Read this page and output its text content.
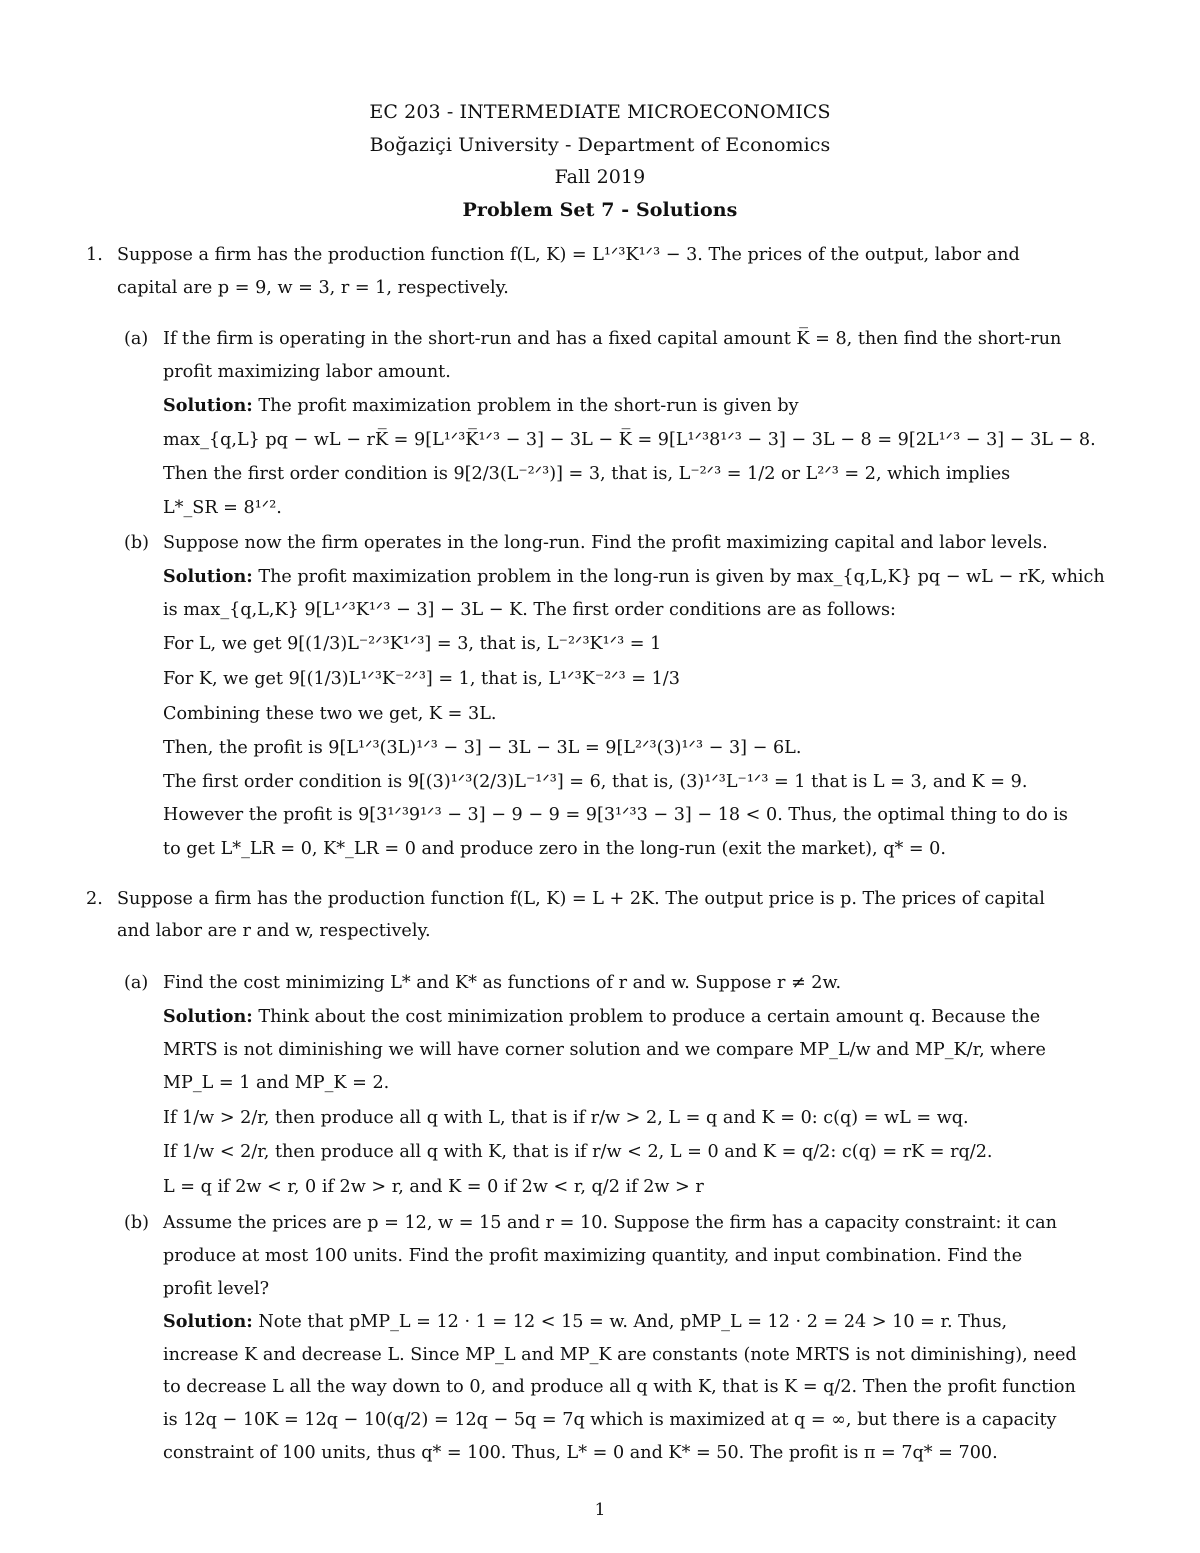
EC 203 - INTERMEDIATE MICROECONOMICS
Boğaziçi University - Department of Economics
Fall 2019
Problem Set 7 - Solutions
1. Suppose a firm has the production function f(L, K) = L¹ᐟ³K¹ᐟ³ − 3. The prices of the output, labor and
capital are p = 9, w = 3, r = 1, respectively.
(a) If the firm is operating in the short-run and has a fixed capital amount K̅ = 8, then find the short-run
profit maximizing labor amount.
Solution: The profit maximization problem in the short-run is given by
max_{q,L} pq − wL − rK̅ = 9[L¹ᐟ³K̅¹ᐟ³ − 3] − 3L − K̅ = 9[L¹ᐟ³8¹ᐟ³ − 3] − 3L − 8 = 9[2L¹ᐟ³ − 3] − 3L − 8.
Then the first order condition is 9[2/3(L⁻²ᐟ³)] = 3, that is, L⁻²ᐟ³ = 1/2 or L²ᐟ³ = 2, which implies
L*_SR = 8¹ᐟ².
(b) Suppose now the firm operates in the long-run. Find the profit maximizing capital and labor levels.
Solution: The profit maximization problem in the long-run is given by max_{q,L,K} pq − wL − rK, which
is max_{q,L,K} 9[L¹ᐟ³K¹ᐟ³ − 3] − 3L − K. The first order conditions are as follows:
For L, we get 9[(1/3)L⁻²ᐟ³K¹ᐟ³] = 3, that is, L⁻²ᐟ³K¹ᐟ³ = 1
For K, we get 9[(1/3)L¹ᐟ³K⁻²ᐟ³] = 1, that is, L¹ᐟ³K⁻²ᐟ³ = 1/3
Combining these two we get, K = 3L.
Then, the profit is 9[L¹ᐟ³(3L)¹ᐟ³ − 3] − 3L − 3L = 9[L²ᐟ³(3)¹ᐟ³ − 3] − 6L.
The first order condition is 9[(3)¹ᐟ³(2/3)L⁻¹ᐟ³] = 6, that is, (3)¹ᐟ³L⁻¹ᐟ³ = 1 that is L = 3, and K = 9.
However the profit is 9[3¹ᐟ³9¹ᐟ³ − 3] − 9 − 9 = 9[3¹ᐟ³3 − 3] − 18 < 0. Thus, the optimal thing to do is
to get L*_LR = 0, K*_LR = 0 and produce zero in the long-run (exit the market), q* = 0.
2. Suppose a firm has the production function f(L, K) = L + 2K. The output price is p. The prices of capital
and labor are r and w, respectively.
(a) Find the cost minimizing L* and K* as functions of r and w. Suppose r ≠ 2w.
Solution: Think about the cost minimization problem to produce a certain amount q. Because the
MRTS is not diminishing we will have corner solution and we compare MP_L/w and MP_K/r, where
MP_L = 1 and MP_K = 2.
If 1/w > 2/r, then produce all q with L, that is if r/w > 2, L = q and K = 0: c(q) = wL = wq.
If 1/w < 2/r, then produce all q with K, that is if r/w < 2, L = 0 and K = q/2: c(q) = rK = rq/2.
L = q if 2w < r, 0 if 2w > r, and K = 0 if 2w < r, q/2 if 2w > r
(b) Assume the prices are p = 12, w = 15 and r = 10. Suppose the firm has a capacity constraint: it can
produce at most 100 units. Find the profit maximizing quantity, and input combination. Find the
profit level?
Solution: Note that pMP_L = 12 · 1 = 12 < 15 = w. And, pMP_L = 12 · 2 = 24 > 10 = r. Thus,
increase K and decrease L. Since MP_L and MP_K are constants (note MRTS is not diminishing), need
to decrease L all the way down to 0, and produce all q with K, that is K = q/2. Then the profit function
is 12q − 10K = 12q − 10(q/2) = 12q − 5q = 7q which is maximized at q = ∞, but there is a capacity
constraint of 100 units, thus q* = 100. Thus, L* = 0 and K* = 50. The profit is π = 7q* = 700.
1
